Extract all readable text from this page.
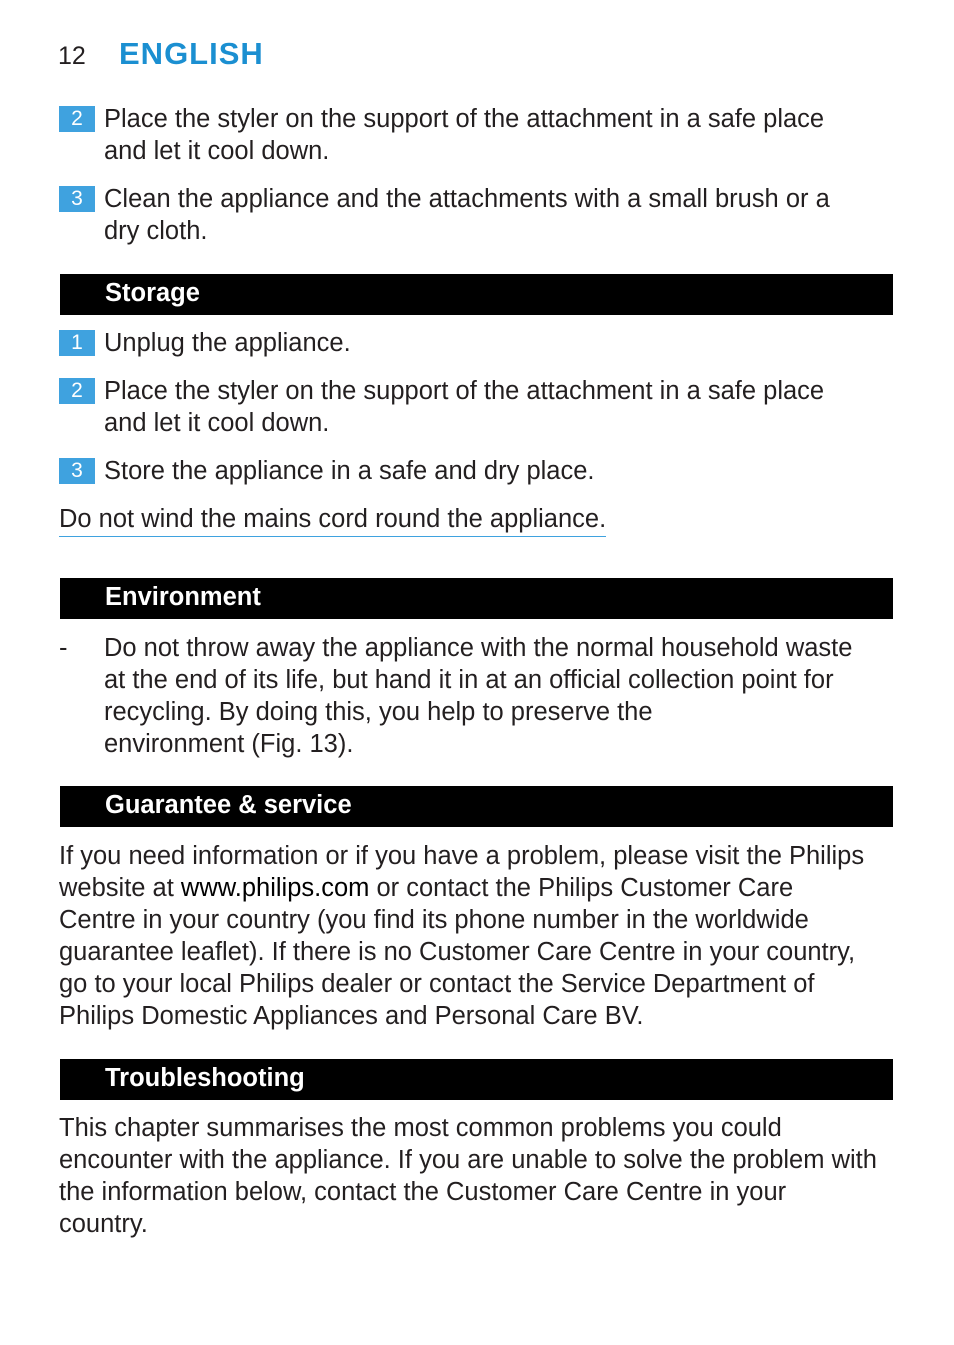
12	ENGLISH
2 Place the styler on the support of the attachment in a safe place
and let it cool down.
3 Clean the appliance and the attachments with a small brush or a
dry cloth.
Storage
1 Unplug the appliance.
2 Place the styler on the support of the attachment in a safe place
and let it cool down.
3 Store the appliance in a safe and dry place.
Do not wind the mains cord round the appliance.
Environment
- Do not throw away the appliance with the normal household waste
at the end of its life, but hand it in at an official collection point for
recycling. By doing this, you help to preserve the
environment (Fig. 13).
Guarantee & service
If you need information or if you have a problem, please visit the Philips
website at www.philips.com or contact the Philips Customer Care
Centre in your country (you find its phone number in the worldwide
guarantee leaflet). If there is no Customer Care Centre in your country,
go to your local Philips dealer or contact the Service Department of
Philips Domestic Appliances and Personal Care BV.
Troubleshooting
This chapter summarises the most common problems you could
encounter with the appliance. If you are unable to solve the problem with
the information below, contact the Customer Care Centre in your
country.
